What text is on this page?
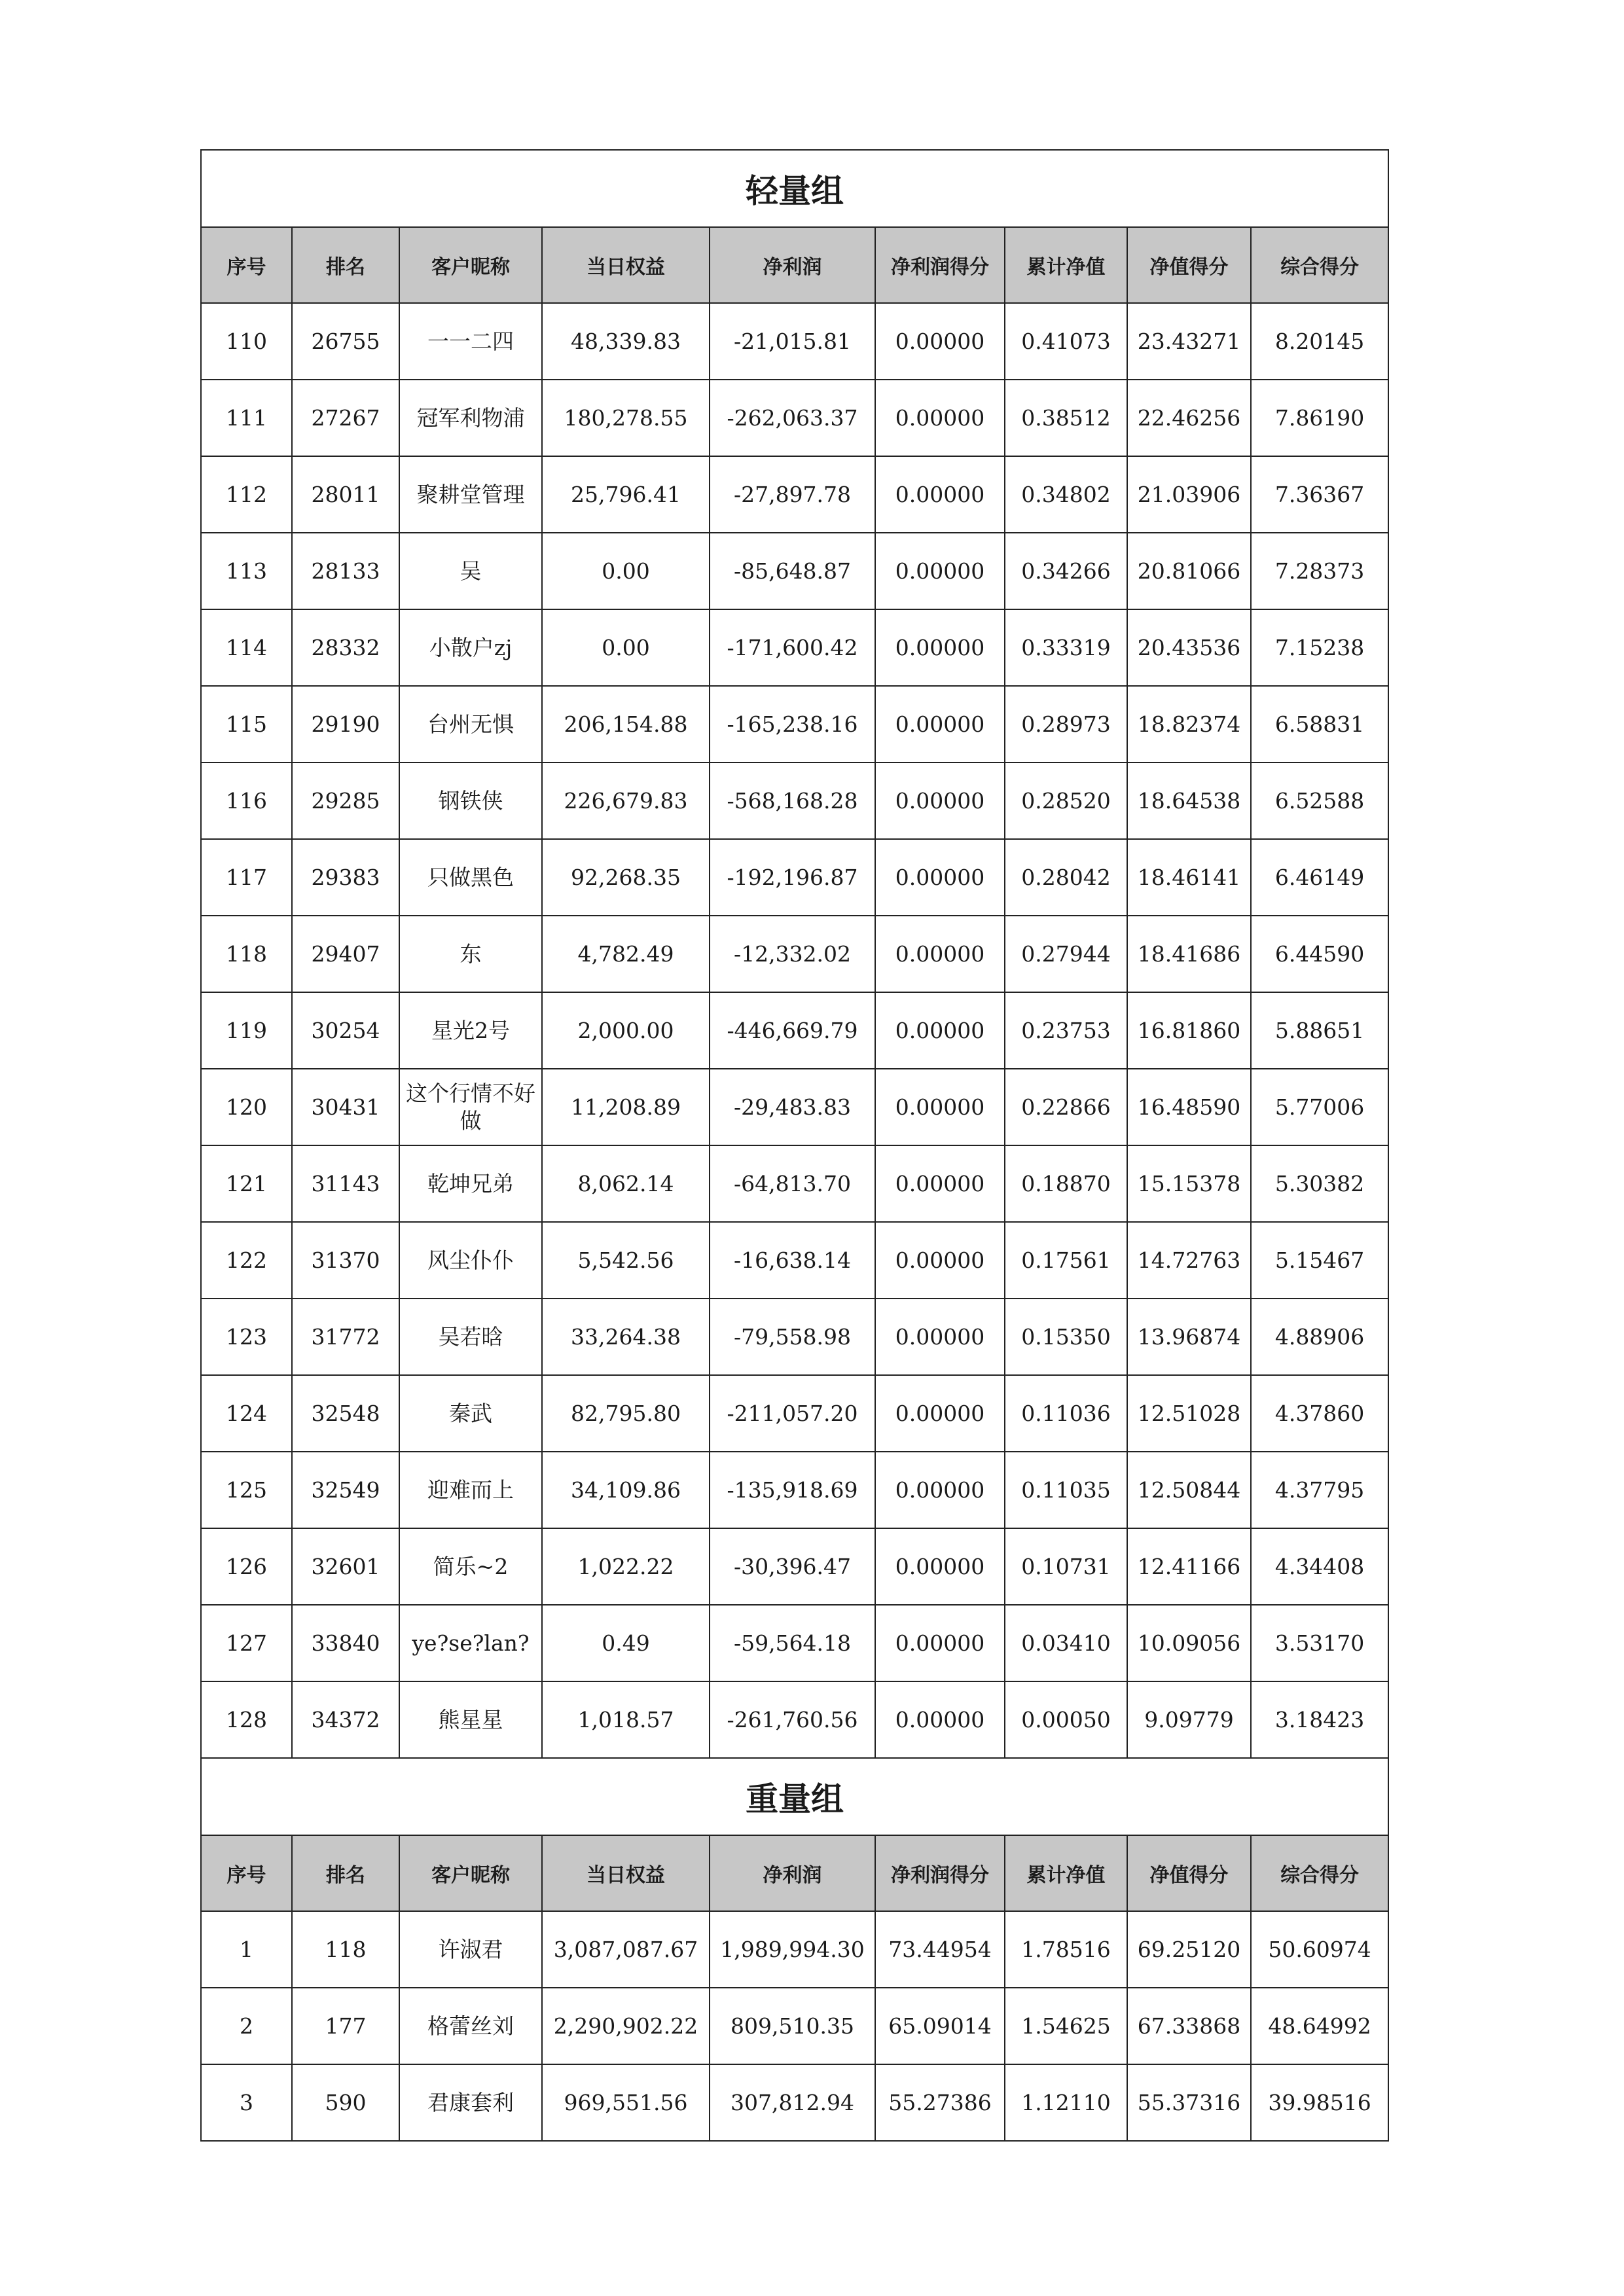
轻量组								
序号	排名	客户昵称	当日权益	净利润	净利润得分	累计净值	净值得分	综合得分
110	26755	一一二四	48,339.83	-21,015.81	0.00000	0.41073	23.43271	8.20145
111	27267	冠军利物浦	180,278.55	-262,063.37	0.00000	0.38512	22.46256	7.86190
112	28011	聚耕堂管理	25,796.41	-27,897.78	0.00000	0.34802	21.03906	7.36367
113	28133	吴	0.00	-85,648.87	0.00000	0.34266	20.81066	7.28373
114	28332	小散户zj	0.00	-171,600.42	0.00000	0.33319	20.43536	7.15238
115	29190	台州无惧	206,154.88	-165,238.16	0.00000	0.28973	18.82374	6.58831
116	29285	钢铁侠	226,679.83	-568,168.28	0.00000	0.28520	18.64538	6.52588
117	29383	只做黑色	92,268.35	-192,196.87	0.00000	0.28042	18.46141	6.46149
118	29407	东	4,782.49	-12,332.02	0.00000	0.27944	18.41686	6.44590
119	30254	星光2号	2,000.00	-446,669.79	0.00000	0.23753	16.81860	5.88651
120	30431	这个行情不好做	11,208.89	-29,483.83	0.00000	0.22866	16.48590	5.77006
121	31143	乾坤兄弟	8,062.14	-64,813.70	0.00000	0.18870	15.15378	5.30382
122	31370	风尘仆仆	5,542.56	-16,638.14	0.00000	0.17561	14.72763	5.15467
123	31772	吴若晗	33,264.38	-79,558.98	0.00000	0.15350	13.96874	4.88906
124	32548	秦武	82,795.80	-211,057.20	0.00000	0.11036	12.51028	4.37860
125	32549	迎难而上	34,109.86	-135,918.69	0.00000	0.11035	12.50844	4.37795
126	32601	简乐~2	1,022.22	-30,396.47	0.00000	0.10731	12.41166	4.34408
127	33840	ye?se?lan?	0.49	-59,564.18	0.00000	0.03410	10.09056	3.53170
128	34372	熊星星	1,018.57	-261,760.56	0.00000	0.00050	9.09779	3.18423
重量组								
序号	排名	客户昵称	当日权益	净利润	净利润得分	累计净值	净值得分	综合得分
1	118	许淑君	3,087,087.67	1,989,994.30	73.44954	1.78516	69.25120	50.60974
2	177	格蕾丝刘	2,290,902.22	809,510.35	65.09014	1.54625	67.33868	48.64992
3	590	君康套利	969,551.56	307,812.94	55.27386	1.12110	55.37316	39.98516
